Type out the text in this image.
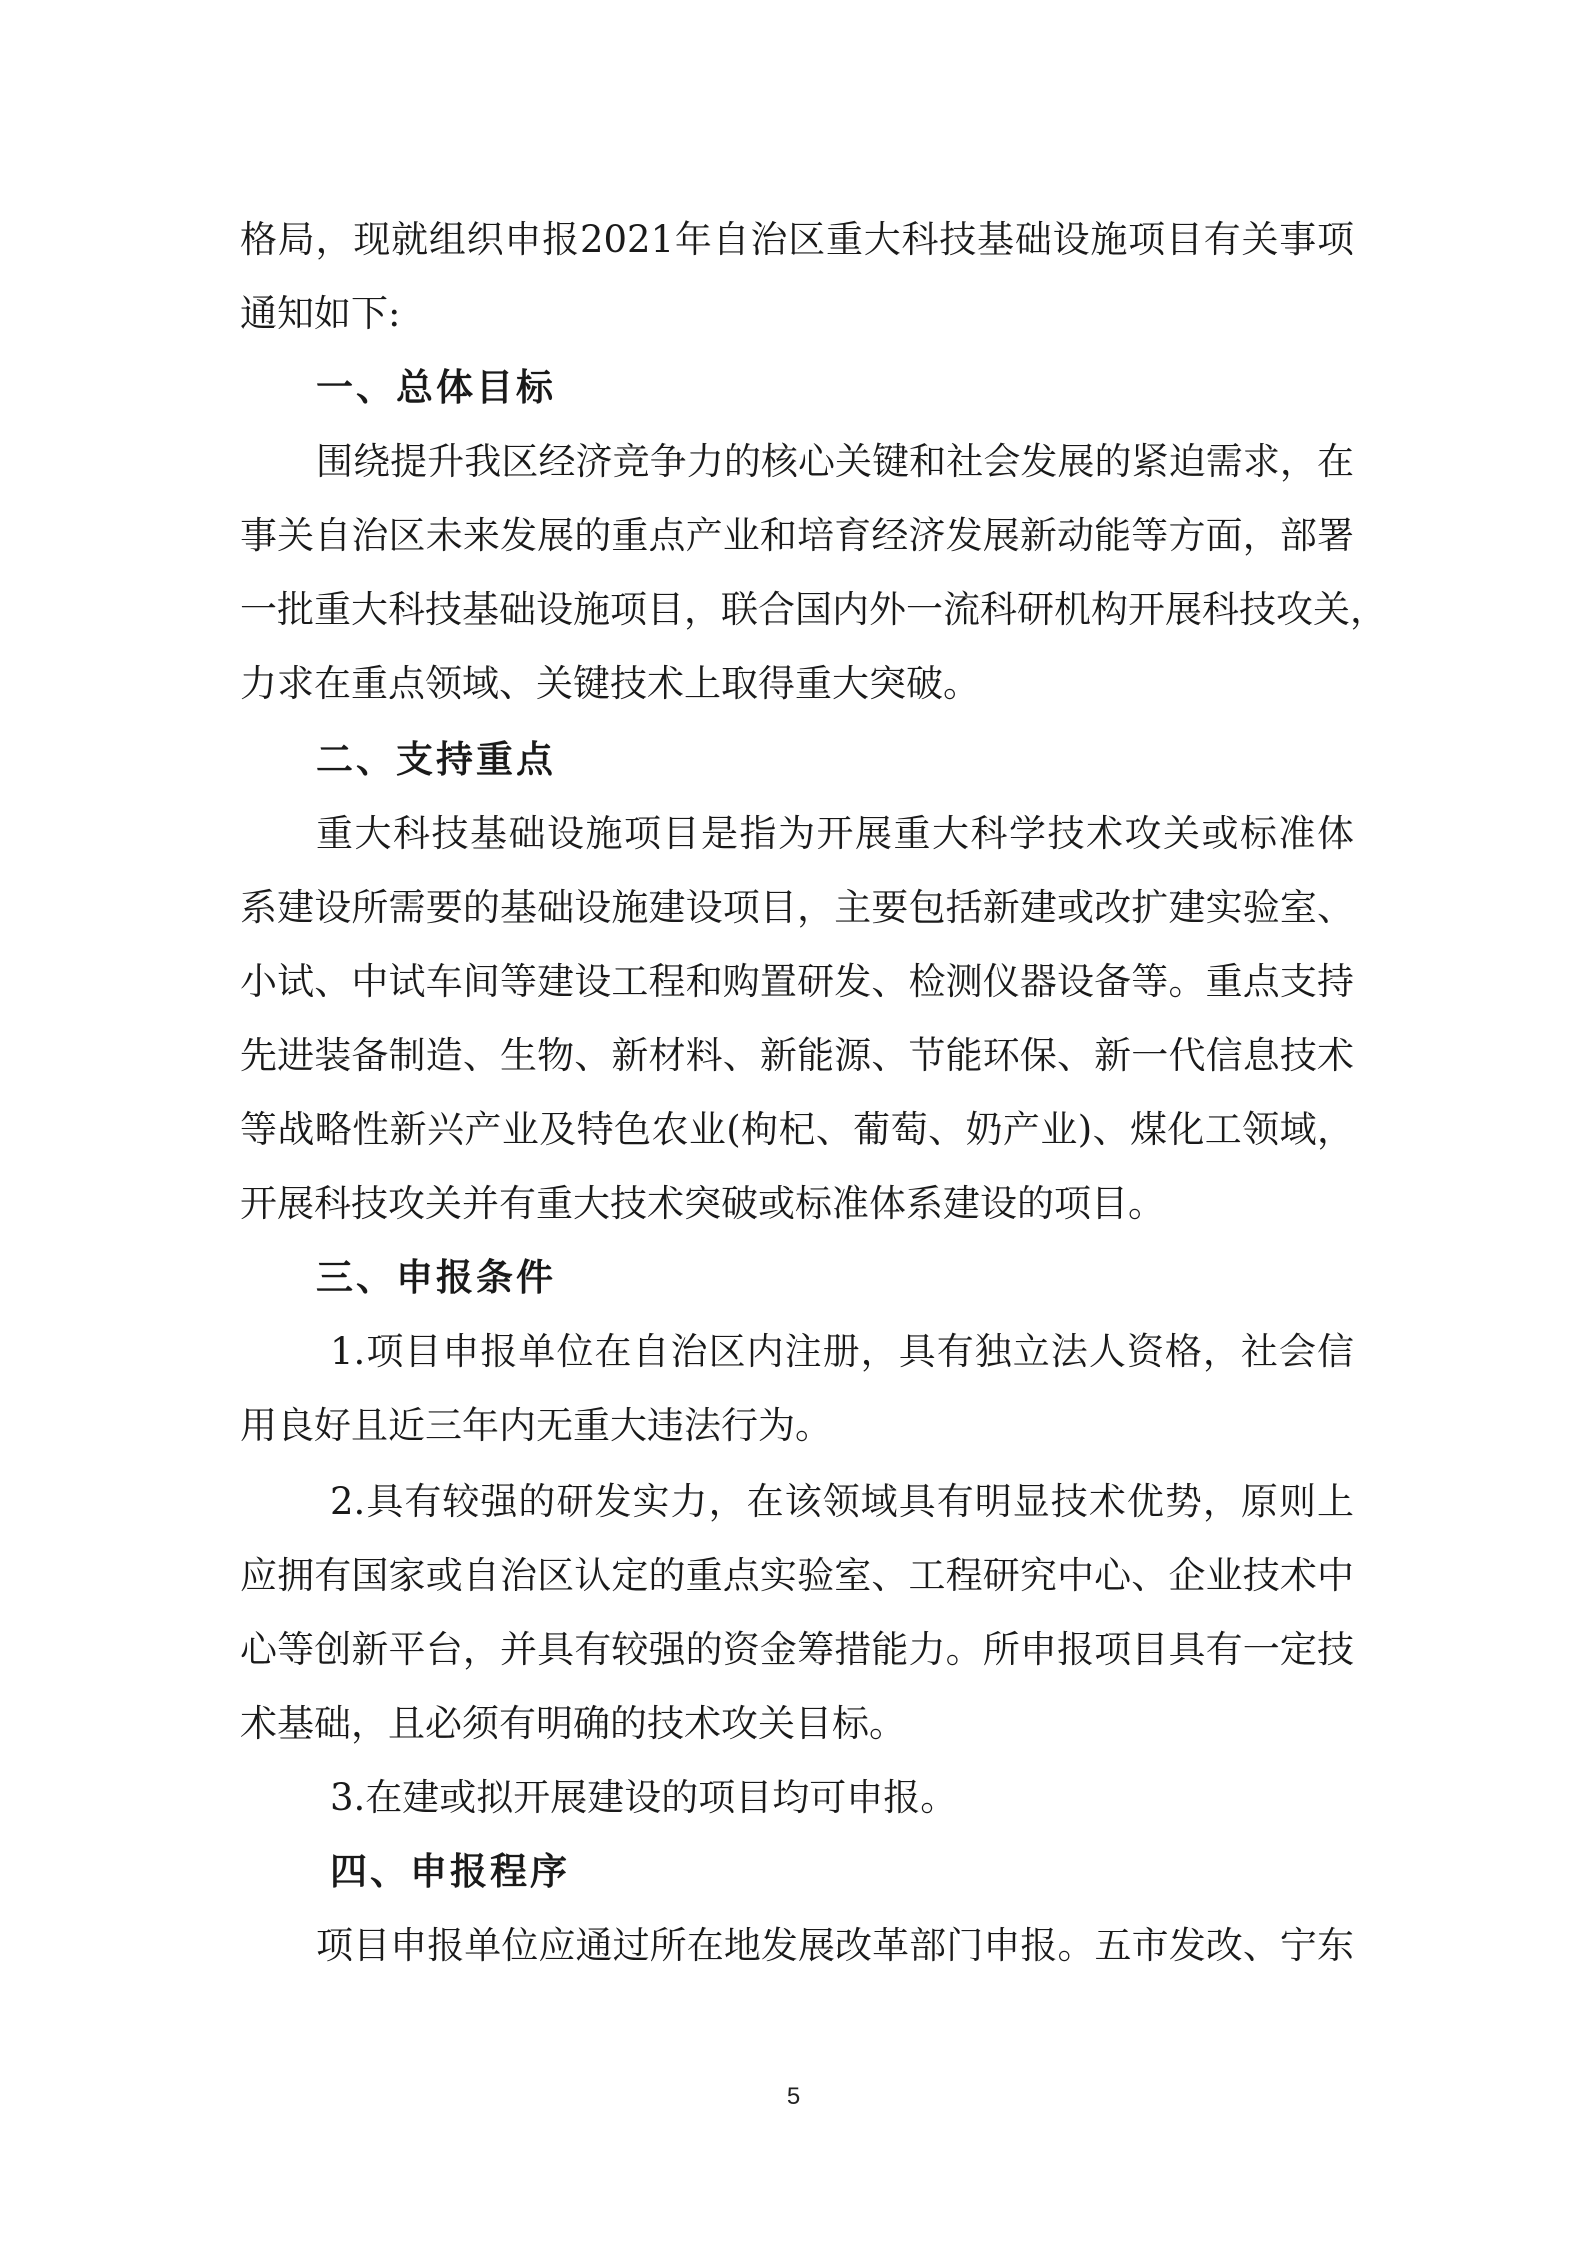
格局，现就组织申报2021年自治区重大科技基础设施项目有关事项
通知如下:
一、总体目标
围绕提升我区经济竞争力的核心关键和社会发展的紧迫需求，在
事关自治区未来发展的重点产业和培育经济发展新动能等方面，部署
一批重大科技基础设施项目，联合国内外一流科研机构开展科技攻关，
力求在重点领域、关键技术上取得重大突破。
二、支持重点
重大科技基础设施项目是指为开展重大科学技术攻关或标准体
系建设所需要的基础设施建设项目，主要包括新建或改扩建实验室、
小试、中试车间等建设工程和购置研发、检测仪器设备等。重点支持
先进装备制造、生物、新材料、新能源、节能环保、新一代信息技术
等战略性新兴产业及特色农业(枸杞、葡萄、奶产业)、煤化工领域，
开展科技攻关并有重大技术突破或标准体系建设的项目。
三、申报条件
1.项目申报单位在自治区内注册，具有独立法人资格，社会信
用良好且近三年内无重大违法行为。
2.具有较强的研发实力，在该领域具有明显技术优势，原则上
应拥有国家或自治区认定的重点实验室、工程研究中心、企业技术中
心等创新平台，并具有较强的资金筹措能力。所申报项目具有一定技
术基础，且必须有明确的技术攻关目标。
3.在建或拟开展建设的项目均可申报。
四、申报程序
项目申报单位应通过所在地发展改革部门申报。五市发改、宁东
5
